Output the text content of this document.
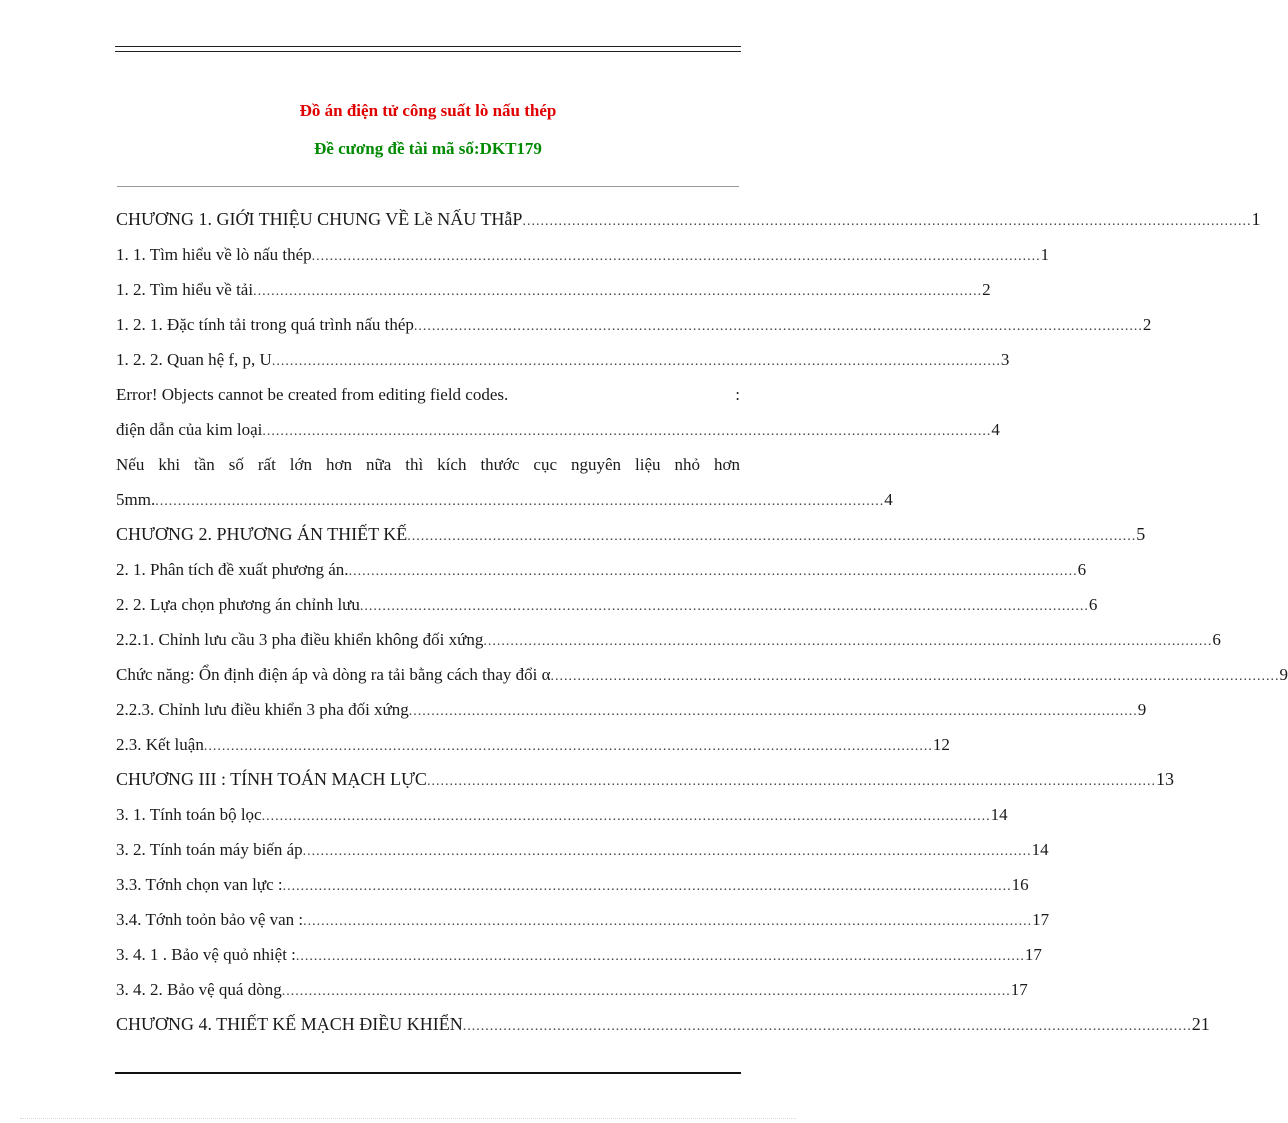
Đồ án điện tử công suất lò nấu thép
Đề cương đề tài mã số:DKT179
CHƯƠNG 1. GIỚI THIỆU CHUNG VỀ Lề NẤU THẫP .................................................................................................................................................................. 1
1. 1. Tìm hiểu về lò nấu thép .................................................................................................................................................................. 1
1. 2. Tìm hiểu về tải .................................................................................................................................................................. 2
1. 2. 1. Đặc tính tải trong quá trình nấu thép .................................................................................................................................................................. 2
1. 2. 2. Quan hệ f, p, U .................................................................................................................................................................. 3
Error! Objects cannot be created from editing field codes.	:
điện dẫn của kim loại .................................................................................................................................................................. 4
Nếu khi tần số rất lớn hơn nữa thì kích thước cục nguyên liệu nhỏ hơn
5mm. .................................................................................................................................................................. 4
CHƯƠNG 2. PHƯƠNG ÁN THIẾT KẾ .................................................................................................................................................................. 5
2. 1. Phân tích đề xuất phương án. .................................................................................................................................................................. 6
2. 2. Lựa chọn phương án chỉnh lưu .................................................................................................................................................................. 6
2.2.1. Chỉnh lưu cầu 3 pha điều khiển không đối xứng .................................................................................................................................................................. 6
Chức năng: Ổn định điện áp và dòng ra tải bằng cách thay đổi α .................................................................................................................................................................. 9
2.2.3. Chỉnh lưu điều khiển 3 pha đối xứng .................................................................................................................................................................. 9
2.3. Kết luận .................................................................................................................................................................. 12
CHƯƠNG III : TÍNH TOÁN MẠCH LỰC .................................................................................................................................................................. 13
3. 1. Tính toán bộ lọc .................................................................................................................................................................. 14
3. 2. Tính toán máy biến áp .................................................................................................................................................................. 14
3.3. Tớnh chọn van lực : .................................................................................................................................................................. 16
3.4. Tớnh toỏn bảo vệ van : .................................................................................................................................................................. 17
3. 4. 1 . Bảo vệ quỏ nhiệt : .................................................................................................................................................................. 17
3. 4. 2. Bảo vệ quá dòng .................................................................................................................................................................. 17
CHƯƠNG 4. THIẾT KẾ MẠCH ĐIỀU KHIỂN .................................................................................................................................................................. 21
